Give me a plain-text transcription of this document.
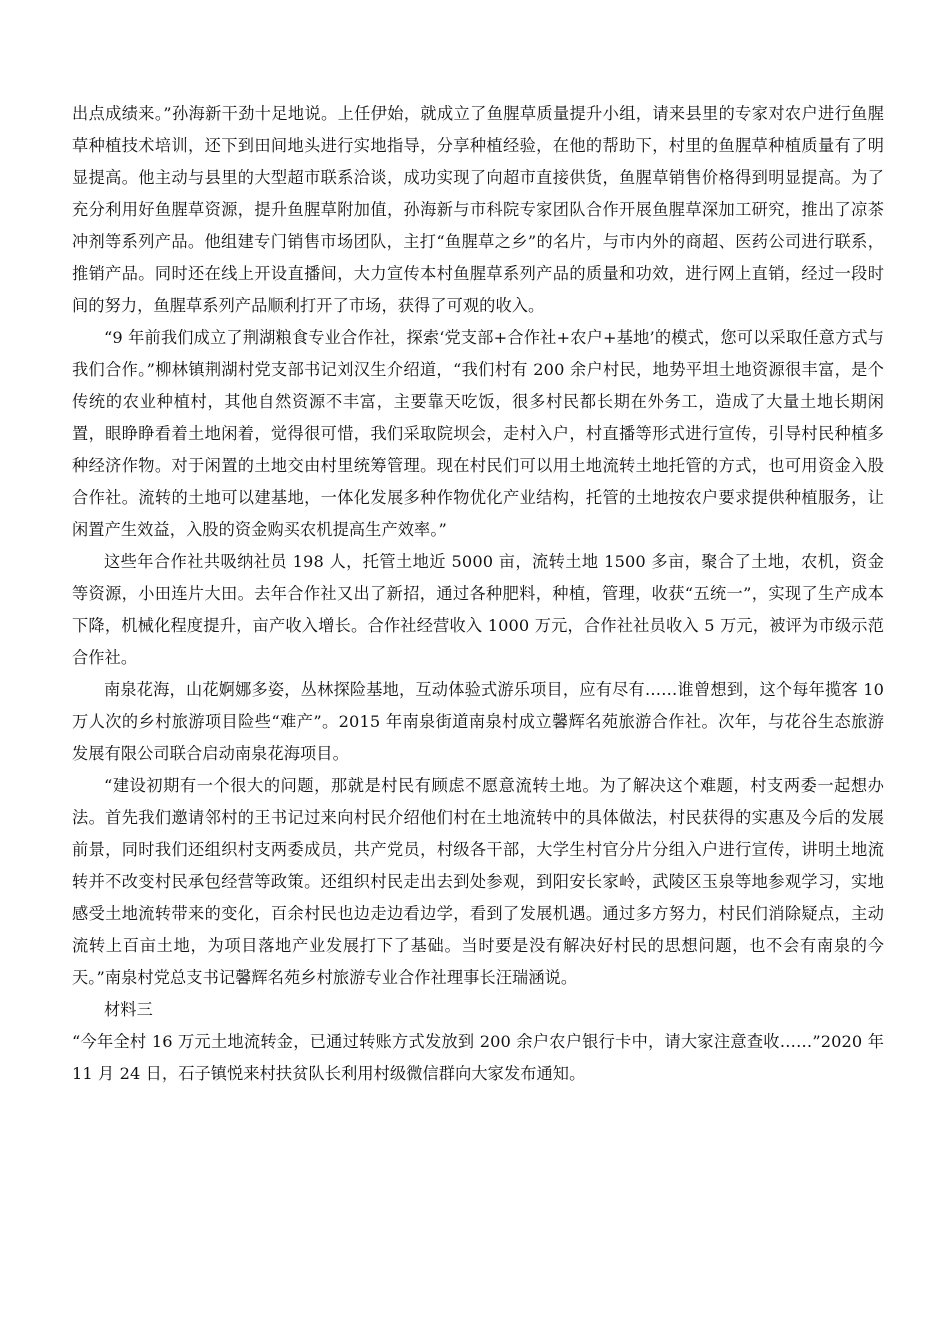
出点成绩来。”孙海新干劲十足地说。上任伊始，就成立了鱼腥草质量提升小组，请来县里的专家对农户进行鱼腥草种植技术培训，还下到田间地头进行实地指导，分享种植经验，在他的帮助下，村里的鱼腥草种植质量有了明显提高。他主动与县里的大型超市联系洽谈，成功实现了向超市直接供货，鱼腥草销售价格得到明显提高。为了充分利用好鱼腥草资源，提升鱼腥草附加值，孙海新与市科院专家团队合作开展鱼腥草深加工研究，推出了凉茶冲剂等系列产品。他组建专门销售市场团队，主打“鱼腥草之乡”的名片，与市内外的商超、医药公司进行联系，推销产品。同时还在线上开设直播间，大力宣传本村鱼腥草系列产品的质量和功效，进行网上直销，经过一段时间的努力，鱼腥草系列产品顺利打开了市场，获得了可观的收入。

“9 年前我们成立了荆湖粮食专业合作社，探索‘党支部+合作社+农户+基地’的模式，您可以采取任意方式与我们合作。”柳林镇荆湖村党支部书记刘汉生介绍道，“我们村有 200 余户村民，地势平坦土地资源很丰富，是个传统的农业种植村，其他自然资源不丰富，主要靠天吃饭，很多村民都长期在外务工，造成了大量土地长期闲置，眼睁睁看着土地闲着，觉得很可惜，我们采取院坝会，走村入户，村直播等形式进行宣传，引导村民种植多种经济作物。对于闲置的土地交由村里统筹管理。现在村民们可以用土地流转土地托管的方式，也可用资金入股合作社。流转的土地可以建基地，一体化发展多种作物优化产业结构，托管的土地按农户要求提供种植服务，让闲置产生效益，入股的资金购买农机提高生产效率。”

这些年合作社共吸纳社员 198 人，托管土地近 5000 亩，流转土地 1500 多亩，聚合了土地，农机，资金等资源，小田连片大田。去年合作社又出了新招，通过各种肥料，种植，管理，收获“五统一”，实现了生产成本下降，机械化程度提升，亩产收入增长。合作社经营收入 1000 万元，合作社社员收入 5 万元，被评为市级示范合作社。

南泉花海，山花婀娜多姿，丛林探险基地，互动体验式游乐项目，应有尽有……谁曾想到，这个每年揽客 10 万人次的乡村旅游项目险些“难产”。2015 年南泉街道南泉村成立馨辉名苑旅游合作社。次年，与花谷生态旅游发展有限公司联合启动南泉花海项目。

“建设初期有一个很大的问题，那就是村民有顾虑不愿意流转土地。为了解决这个难题，村支两委一起想办法。首先我们邀请邻村的王书记过来向村民介绍他们村在土地流转中的具体做法，村民获得的实惠及今后的发展前景，同时我们还组织村支两委成员，共产党员，村级各干部，大学生村官分片分组入户进行宣传，讲明土地流转并不改变村民承包经营等政策。还组织村民走出去到处参观，到阳安长家岭，武陵区玉泉等地参观学习，实地感受土地流转带来的变化，百余村民也边走边看边学，看到了发展机遇。通过多方努力，村民们消除疑点，主动流转上百亩土地，为项目落地产业发展打下了基础。当时要是没有解决好村民的思想问题，也不会有南泉的今天。”南泉村党总支书记馨辉名苑乡村旅游专业合作社理事长汪瑞涵说。

材料三

“今年全村 16 万元土地流转金，已通过转账方式发放到 200 余户农户银行卡中，请大家注意查收……”2020 年 11 月 24 日，石子镇悦来村扶贫队长利用村级微信群向大家发布通知。
